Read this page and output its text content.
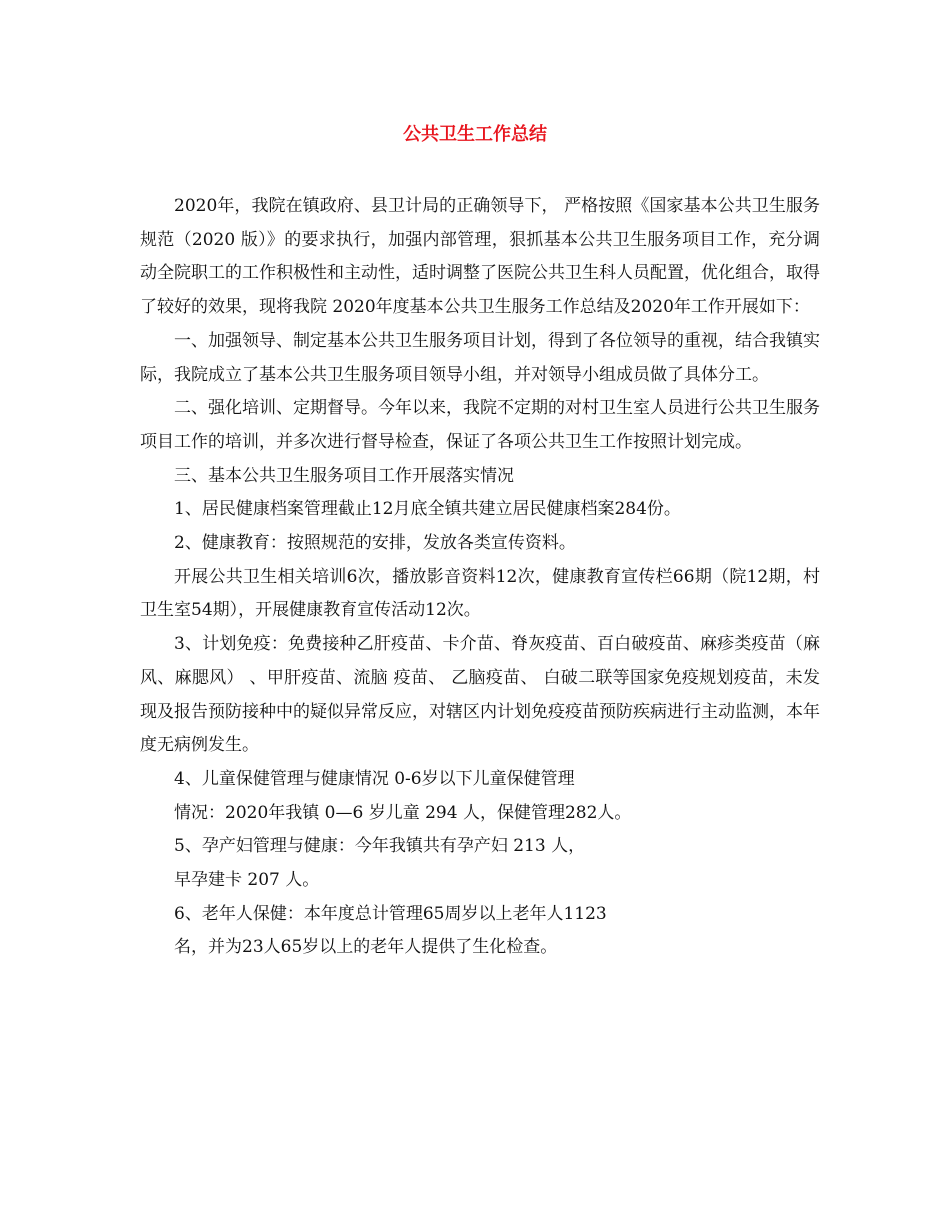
公共卫生工作总结

2020年，我院在镇政府、县卫计局的正确领导下， 严格按照《国家基本公共卫生服务规范（2020 版）》的要求执行，加强内部管理，狠抓基本公共卫生服务项目工作，充分调动全院职工的工作积极性和主动性，适时调整了医院公共卫生科人员配置，优化组合，取得了较好的效果，现将我院 2020年度基本公共卫生服务工作总结及2020年工作开展如下：

一、加强领导、制定基本公共卫生服务项目计划，得到了各位领导的重视，结合我镇实际，我院成立了基本公共卫生服务项目领导小组，并对领导小组成员做了具体分工。

二、强化培训、定期督导。今年以来，我院不定期的对村卫生室人员进行公共卫生服务项目工作的培训，并多次进行督导检查，保证了各项公共卫生工作按照计划完成。

三、基本公共卫生服务项目工作开展落实情况

1、居民健康档案管理截止12月底全镇共建立居民健康档案284份。

2、健康教育：按照规范的安排，发放各类宣传资料。

开展公共卫生相关培训6次，播放影音资料12次，健康教育宣传栏66期（院12期，村卫生室54期），开展健康教育宣传活动12次。

3、计划免疫：免费接种乙肝疫苗、卡介苗、脊灰疫苗、百白破疫苗、麻疹类疫苗（麻风、麻腮风） 、甲肝疫苗、流脑 疫苗、 乙脑疫苗、 白破二联等国家免疫规划疫苗，未发现及报告预防接种中的疑似异常反应，对辖区内计划免疫疫苗预防疾病进行主动监测，本年度无病例发生。

4、儿童保健管理与健康情况 0-6岁以下儿童保健管理

情况：2020年我镇 0—6 岁儿童 294 人，保健管理282人。

5、孕产妇管理与健康：今年我镇共有孕产妇 213 人，

早孕建卡 207 人。

6、老年人保健：本年度总计管理65周岁以上老年人1123

名，并为23人65岁以上的老年人提供了生化检查。
